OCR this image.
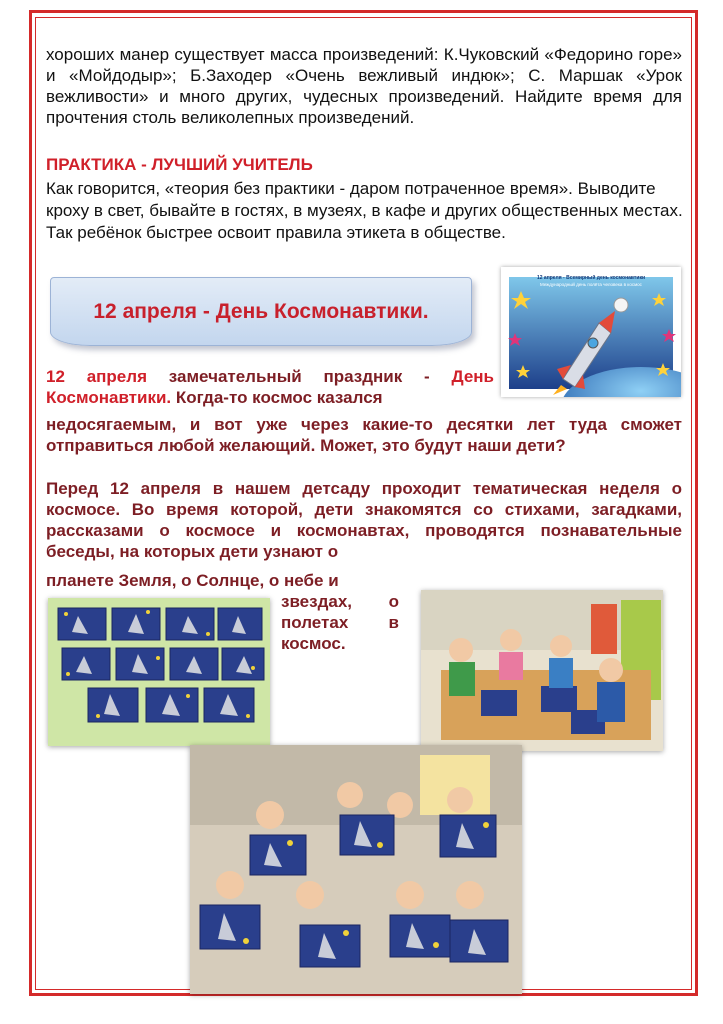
хороших манер существует масса произведений: К.Чуковский «Федорино горе» и «Мойдодыр»; Б.Заходер «Очень вежливый индюк»; С. Маршак «Урок вежливости» и много других, чудесных произведений. Найдите время для прочтения столь великолепных произведений.
ПРАКТИКА - ЛУЧШИЙ УЧИТЕЛЬ
Как говорится, «теория без практики - даром потраченное время». Выводите кроху в свет, бывайте в гостях, в музеях, в кафе и других общественных местах. Так ребёнок быстрее освоит правила этикета в обществе.
12 апреля - День Космонавтики.
12 апреля - Всемирный день космонавтики
Международный день полёта человека в космос
12 апреля замечательный праздник - День Космонавтики. Когда-то космос казался
недосягаемым, и вот уже через какие-то десятки лет туда сможет отправиться любой желающий. Может, это будут наши дети?
Перед 12 апреля в нашем детсаду проходит тематическая неделя о космосе. Во время которой, дети знакомятся со стихами, загадками, рассказами о космосе и космонавтах, проводятся познавательные беседы, на которых дети узнают о
планете Земля, о Солнце, о небе и
звездах, о полетах в космос.
